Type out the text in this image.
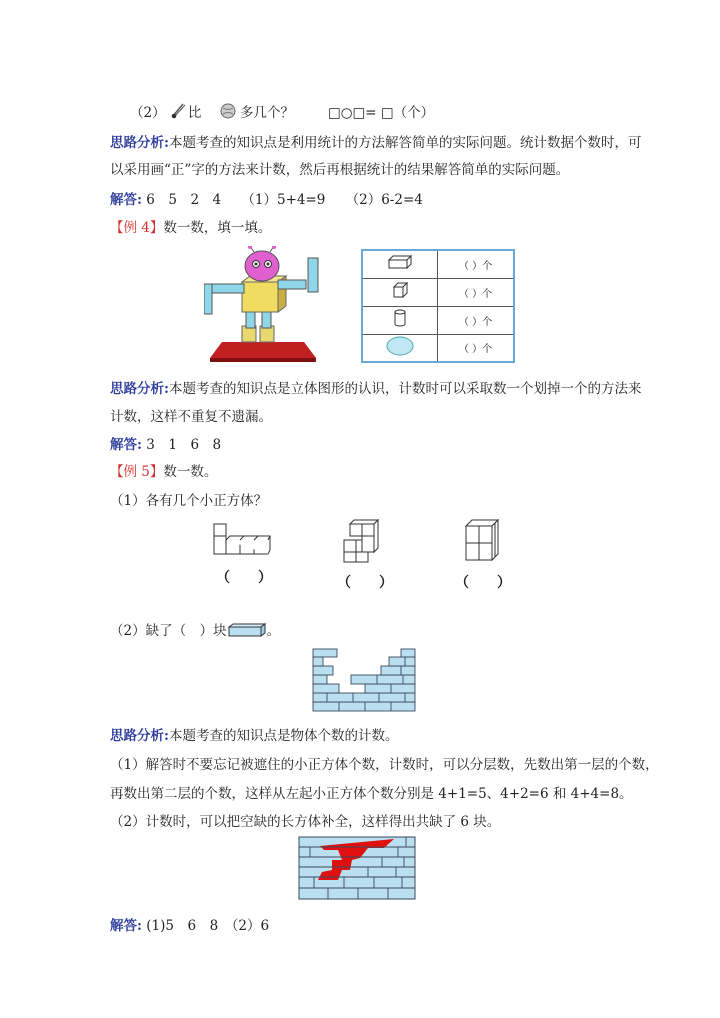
（2） 比	多几个？	□○□= □（个）
思路分析:本题考查的知识点是利用统计的方法解答简单的实际问题。统计数据个数时，可
以采用画“正”字的方法来计数，然后再根据统计的结果解答简单的实际问题。
解答: 6　5　2　4　　（1）5+4=9　　（2）6-2=4
【例 4】数一数，填一填。
	（ ）个
	（ ）个
	（ ）个
	（ ）个
思路分析:本题考查的知识点是立体图形的认识，计数时可以采取数一个划掉一个的方法来
计数，这样不重复不遗漏。
解答: 3　1　6　8
【例 5】数一数。
（1）各有几个小正方体？
（　　）	（　　）	（　　）
（2）缺了（　）块	。
思路分析:本题考查的知识点是物体个数的计数。
（1）解答时不要忘记被遮住的小正方体个数，计数时，可以分层数，先数出第一层的个数，
再数出第二层的个数，这样从左起小正方体个数分别是 4+1=5、4+2=6 和 4+4=8。
（2）计数时，可以把空缺的长方体补全，这样得出共缺了 6 块。
解答: (1)5　6　8　（2）6
